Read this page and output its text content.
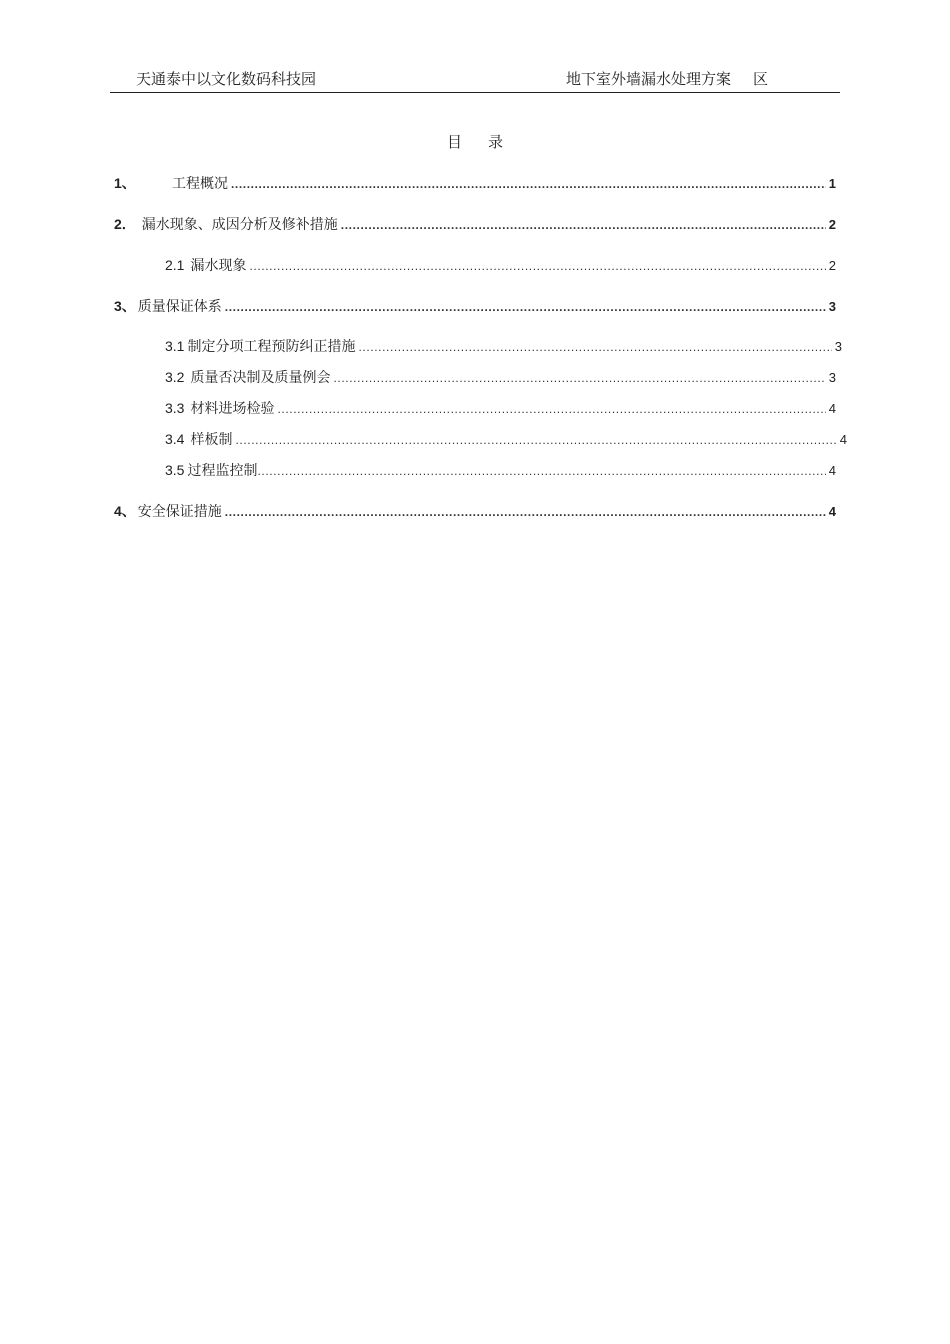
天通泰中以文化数码科技园	地下室外墙漏水处理方案 区
目 录
1、	工程概况 .....	1
2． 漏水现象、成因分析及修补措施 .....	2
2.1 漏水现象 .....	2
3、 质量保证体系 .....	3
3.1 制定分项工程预防纠正措施 .....	3
3.2 质量否决制及质量例会 .....	3
3.3 材料进场检验 .....	4
3.4 样板制 .....	4
3.5 过程监控制 .....	4
4、 安全保证措施 .....	4
